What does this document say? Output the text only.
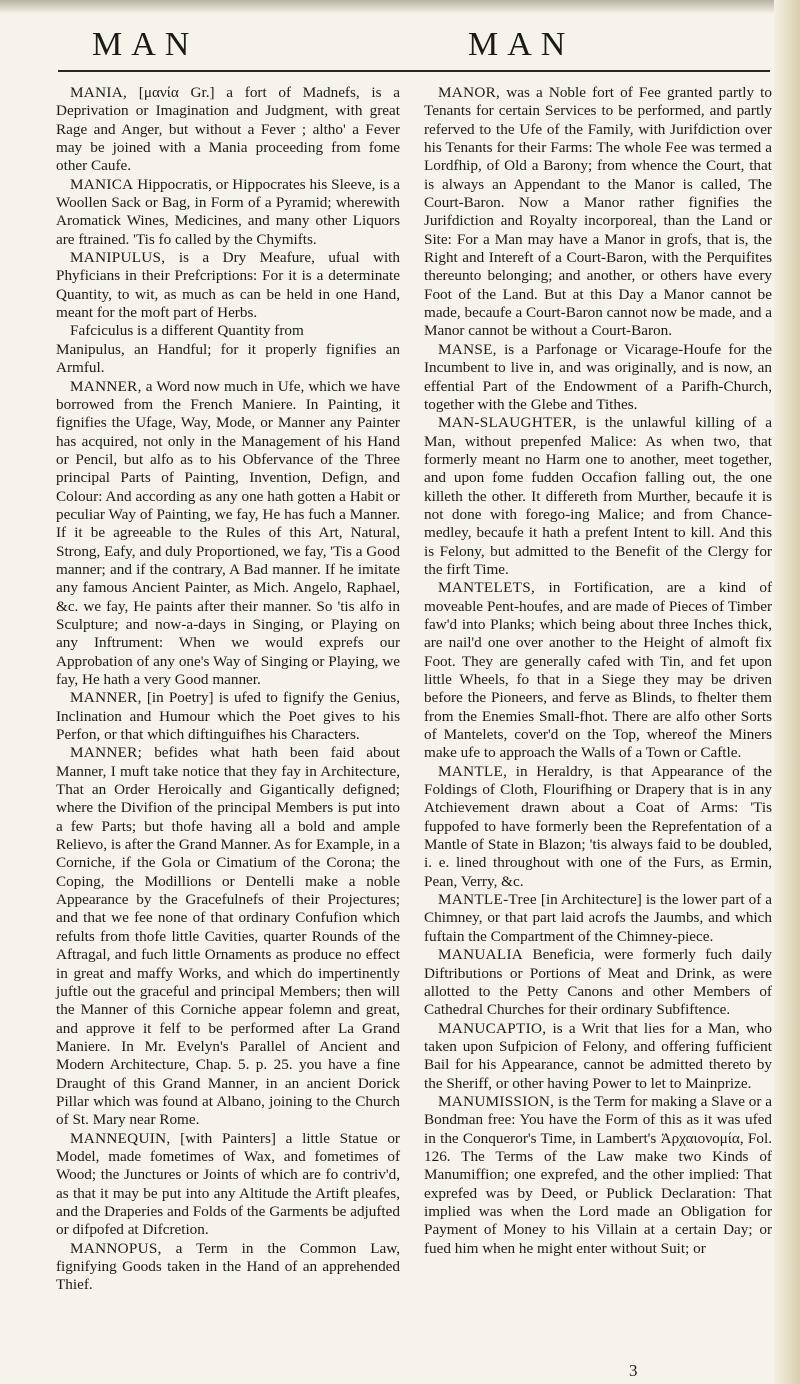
MAN	MAN

MANIA, [μανία Gr.] a fort of Madnefs, is a Deprivation or Imagination and Judgment, with great Rage and Anger, but without a Fever ; altho' a Fever may be joined with a Mania proceeding from fome other Caufe.

MANICA Hippocratis, or Hippocrates his Sleeve, is a Woollen Sack or Bag, in Form of a Pyramid; wherewith Aromatick Wines, Medicines, and many other Liquors are ftrained. 'Tis fo called by the Chymifts.

MANIPULUS, is a Dry Meafure, ufual with Phyficians in their Prefcriptions: For it is a determinate Quantity, to wit, as much as can be held in one Hand, meant for the moft part of Herbs.

Fafciculus is a different Quantity from

Manipulus, an Handful; for it properly fignifies an Armful.

MANNER, a Word now much in Ufe, which we have borrowed from the French Maniere. In Painting, it fignifies the Ufage, Way, Mode, or Manner any Painter has acquired, not only in the Management of his Hand or Pencil, but alfo as to his Obfervance of the Three principal Parts of Painting, Invention, Defign, and Colour: And according as any one hath gotten a Habit or peculiar Way of Painting, we fay, He has fuch a Manner. If it be agreeable to the Rules of this Art, Natural, Strong, Eafy, and duly Proportioned, we fay, 'Tis a Good manner; and if the contrary, A Bad manner. If he imitate any famous Ancient Painter, as Mich. Angelo, Raphael, &c. we fay, He paints after their manner. So 'tis alfo in Sculpture; and now-a-days in Singing, or Playing on any Inftrument: When we would exprefs our Approbation of any one's Way of Singing or Playing, we fay, He hath a very Good manner.

MANNER, [in Poetry] is ufed to fignify the Genius, Inclination and Humour which the Poet gives to his Perfon, or that which diftinguifhes his Characters.

MANNER; befides what hath been faid about Manner, I muft take notice that they fay in Architecture, That an Order Heroically and Gigantically defigned; where the Divifion of the principal Members is put into a few Parts; but thofe having all a bold and ample Relievo, is after the Grand Manner. As for Example, in a Corniche, if the Gola or Cimatium of the Corona; the Coping, the Modillions or Dentelli make a noble Appearance by the Gracefulnefs of their Projectures; and that we fee none of that ordinary Confufion which refults from thofe little Cavities, quarter Rounds of the Aftragal, and fuch little Ornaments as produce no effect in great and maffy Works, and which do impertinently juftle out the graceful and principal Members; then will the Manner of this Corniche appear folemn and great, and approve it felf to be performed after La Grand Maniere. In Mr. Evelyn's Parallel of Ancient and Modern Architecture, Chap. 5. p. 25. you have a fine Draught of this Grand Manner, in an ancient Dorick Pillar which was found at Albano, joining to the Church of St. Mary near Rome.

MANNEQUIN, [with Painters] a little Statue or Model, made fometimes of Wax, and fometimes of Wood; the Junctures or Joints of which are fo contriv'd, as that it may be put into any Altitude the Artift pleafes, and the Draperies and Folds of the Garments be adjufted or difpofed at Difcretion.

MANNOPUS, a Term in the Common Law, fignifying Goods taken in the Hand of an apprehended Thief.

MANOR, was a Noble fort of Fee granted partly to Tenants for certain Services to be performed, and partly referved to the Ufe of the Family, with Jurifdiction over his Tenants for their Farms: The whole Fee was termed a Lordfhip, of Old a Barony; from whence the Court, that is always an Appendant to the Manor is called, The Court-Baron. Now a Manor rather fignifies the Jurifdiction and Royalty incorporeal, than the Land or Site: For a Man may have a Manor in grofs, that is, the Right and Intereft of a Court-Baron, with the Perquifites thereunto belonging; and another, or others have every Foot of the Land. But at this Day a Manor cannot be made, becaufe a Court-Baron cannot now be made, and a Manor cannot be without a Court-Baron.

MANSE, is a Parfonage or Vicarage-Houfe for the Incumbent to live in, and was originally, and is now, an effential Part of the Endowment of a Parifh-Church, together with the Glebe and Tithes.

MAN-SLAUGHTER, is the unlawful killing of a Man, without prepenfed Malice: As when two, that formerly meant no Harm one to another, meet together, and upon fome fudden Occafion falling out, the one killeth the other. It differeth from Murther, becaufe it is not done with forego-ing Malice; and from Chance-medley, becaufe it hath a prefent Intent to kill. And this is Felony, but admitted to the Benefit of the Clergy for the firft Time.

MANTELETS, in Fortification, are a kind of moveable Pent-houfes, and are made of Pieces of Timber faw'd into Planks; which being about three Inches thick, are nail'd one over another to the Height of almoft fix Foot. They are generally cafed with Tin, and fet upon little Wheels, fo that in a Siege they may be driven before the Pioneers, and ferve as Blinds, to fhelter them from the Enemies Small-fhot. There are alfo other Sorts of Mantelets, cover'd on the Top, whereof the Miners make ufe to approach the Walls of a Town or Caftle.

MANTLE, in Heraldry, is that Appearance of the Foldings of Cloth, Flourifhing or Drapery that is in any Atchievement drawn about a Coat of Arms: 'Tis fuppofed to have formerly been the Reprefentation of a Mantle of State in Blazon; 'tis always faid to be doubled, i. e. lined throughout with one of the Furs, as Ermin, Pean, Verry, &c.

MANTLE-Tree [in Architecture] is the lower part of a Chimney, or that part laid acrofs the Jaumbs, and which fuftain the Compartment of the Chimney-piece.

MANUALIA Beneficia, were formerly fuch daily Diftributions or Portions of Meat and Drink, as were allotted to the Petty Canons and other Members of Cathedral Churches for their ordinary Subfiftence.

MANUCAPTIO, is a Writ that lies for a Man, who taken upon Sufpicion of Felony, and offering fufficient Bail for his Appearance, cannot be admitted thereto by the Sheriff, or other having Power to let to Mainprize.

MANUMISSION, is the Term for making a Slave or a Bondman free: You have the Form of this as it was ufed in the Conqueror's Time, in Lambert's Ἀρχαιονομία, Fol. 126. The Terms of the Law make two Kinds of Manumiffion; one exprefed, and the other implied: That exprefed was by Deed, or Publick Declaration: That implied was when the Lord made an Obligation for Payment of Money to his Villain at a certain Day; or fued him when he might enter without Suit; or

3
